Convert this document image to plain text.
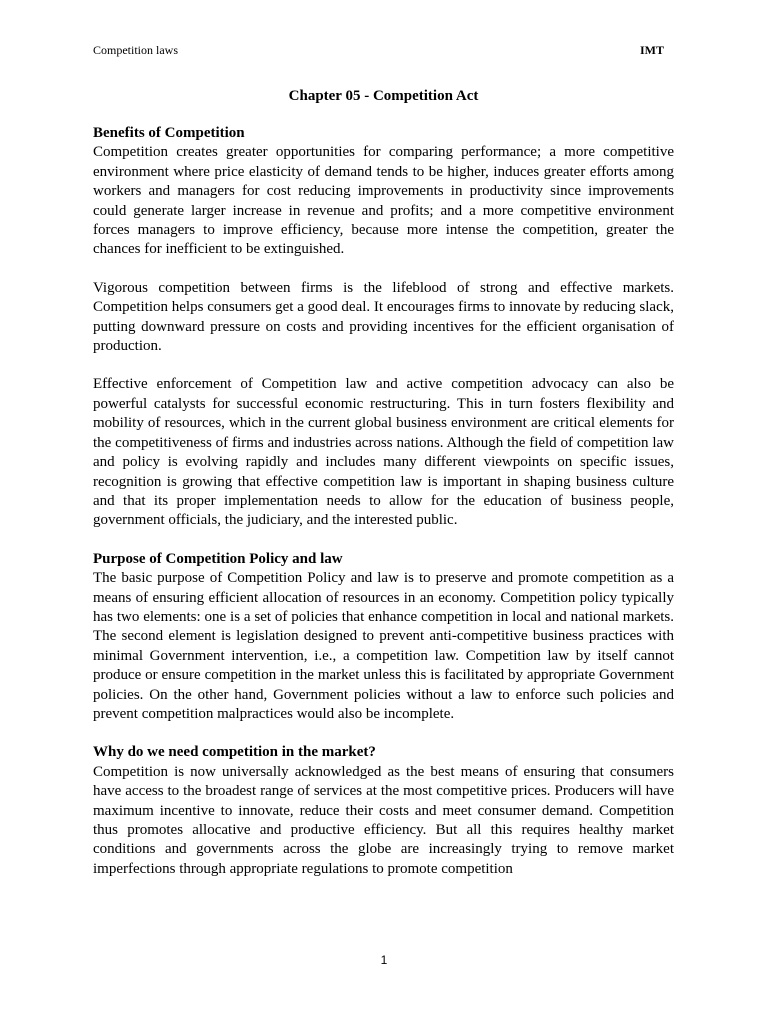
Competition laws	IMT
Chapter 05 - Competition Act

Benefits of Competition

Competition creates greater opportunities for comparing performance; a more competitive environment where price elasticity of demand tends to be higher, induces greater efforts among workers and managers for cost reducing improvements in productivity since improvements could generate larger increase in revenue and profits; and a more competitive environment forces managers to improve efficiency, because more intense the competition, greater the chances for inefficient to be extinguished.

Vigorous competition between firms is the lifeblood of strong and effective markets. Competition helps consumers get a good deal. It encourages firms to innovate by reducing slack, putting downward pressure on costs and providing incentives for the efficient organisation of production.

Effective enforcement of Competition law and active competition advocacy can also be powerful catalysts for successful economic restructuring. This in turn fosters flexibility and mobility of resources, which in the current global business environment are critical elements for the competitiveness of firms and industries across nations. Although the field of competition law and policy is evolving rapidly and includes many different viewpoints on specific issues, recognition is growing that effective competition law is important in shaping business culture and that its proper implementation needs to allow for the education of business people, government officials, the judiciary, and the interested public.

Purpose of Competition Policy and law

The basic purpose of Competition Policy and law is to preserve and promote competition as a means of ensuring efficient allocation of resources in an economy. Competition policy typically has two elements: one is a set of policies that enhance competition in local and national markets. The second element is legislation designed to prevent anti-competitive business practices with minimal Government intervention, i.e., a competition law. Competition law by itself cannot produce or ensure competition in the market unless this is facilitated by appropriate Government policies. On the other hand, Government policies without a law to enforce such policies and prevent competition malpractices would also be incomplete.

Why do we need competition in the market?

Competition is now universally acknowledged as the best means of ensuring that consumers have access to the broadest range of services at the most competitive prices. Producers will have maximum incentive to innovate, reduce their costs and meet consumer demand. Competition thus promotes allocative and productive efficiency. But all this requires healthy market conditions and governments across the globe are increasingly trying to remove market imperfections through appropriate regulations to promote competition

1
